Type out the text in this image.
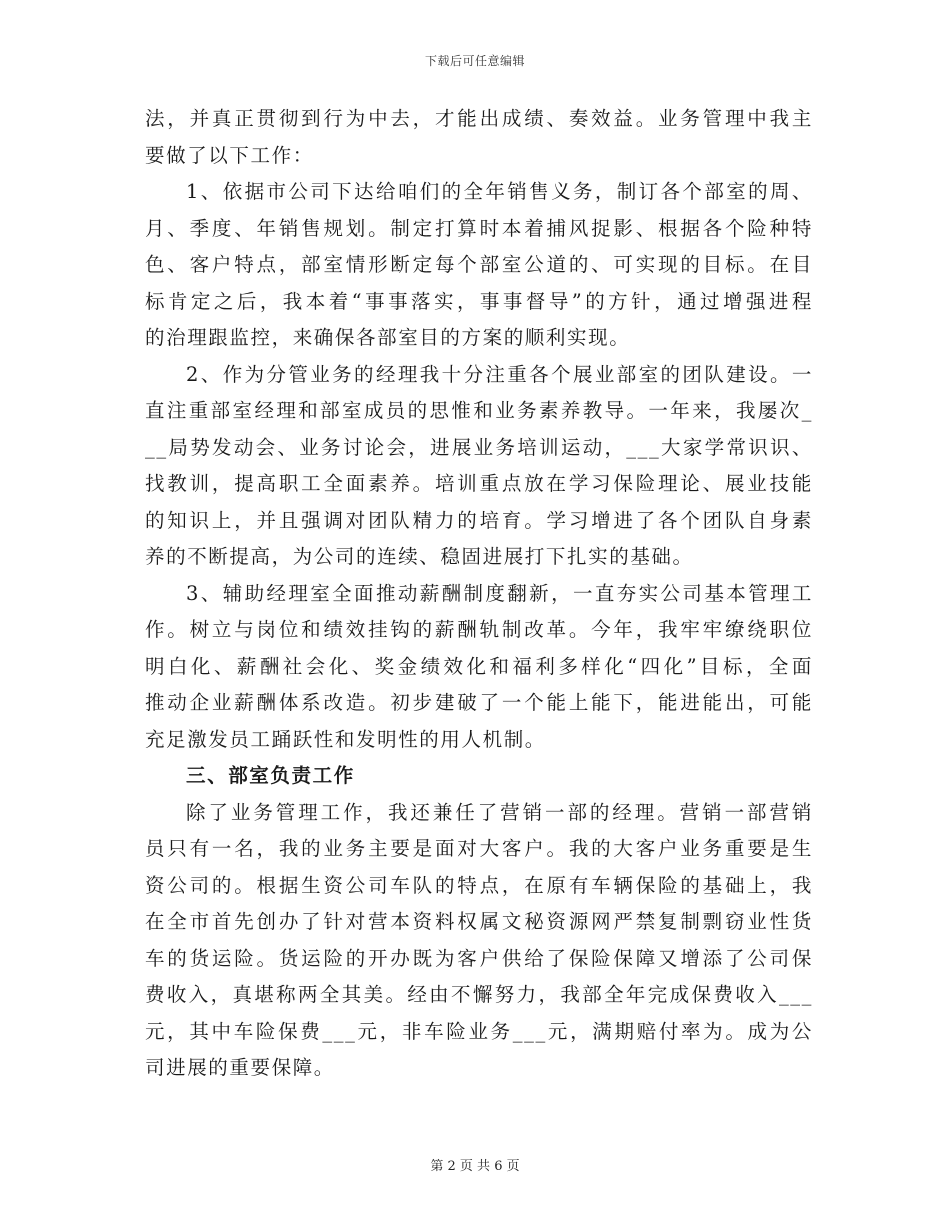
下载后可任意编辑
法，并真正贯彻到行为中去，才能出成绩、奏效益。业务管理中我主
要做了以下工作：
1、依据市公司下达给咱们的全年销售义务，制订各个部室的周、
月、季度、年销售规划。制定打算时本着捕风捉影、根据各个险种特
色、客户特点，部室情形断定每个部室公道的、可实现的目标。在目
标肯定之后，我本着“事事落实，事事督导”的方针，通过增强进程
的治理跟监控，来确保各部室目的方案的顺利实现。
2、作为分管业务的经理我十分注重各个展业部室的团队建设。一
直注重部室经理和部室成员的思惟和业务素养教导。一年来，我屡次_
__局势发动会、业务讨论会，进展业务培训运动，___大家学常识识、
找教训，提高职工全面素养。培训重点放在学习保险理论、展业技能
的知识上，并且强调对团队精力的培育。学习增进了各个团队自身素
养的不断提高，为公司的连续、稳固进展打下扎实的基础。
3、辅助经理室全面推动薪酬制度翻新，一直夯实公司基本管理工
作。树立与岗位和绩效挂钩的薪酬轨制改革。今年，我牢牢缭绕职位
明白化、薪酬社会化、奖金绩效化和福利多样化“四化”目标，全面
推动企业薪酬体系改造。初步建破了一个能上能下，能进能出，可能
充足激发员工踊跃性和发明性的用人机制。
三、部室负责工作
除了业务管理工作，我还兼任了营销一部的经理。营销一部营销
员只有一名，我的业务主要是面对大客户。我的大客户业务重要是生
资公司的。根据生资公司车队的特点，在原有车辆保险的基础上，我
在全市首先创办了针对营本资料权属文秘资源网严禁复制剽窃业性货
车的货运险。货运险的开办既为客户供给了保险保障又增添了公司保
费收入，真堪称两全其美。经由不懈努力，我部全年完成保费收入___
元，其中车险保费___元，非车险业务___元，满期赔付率为。成为公
司进展的重要保障。
第 2 页 共 6 页
